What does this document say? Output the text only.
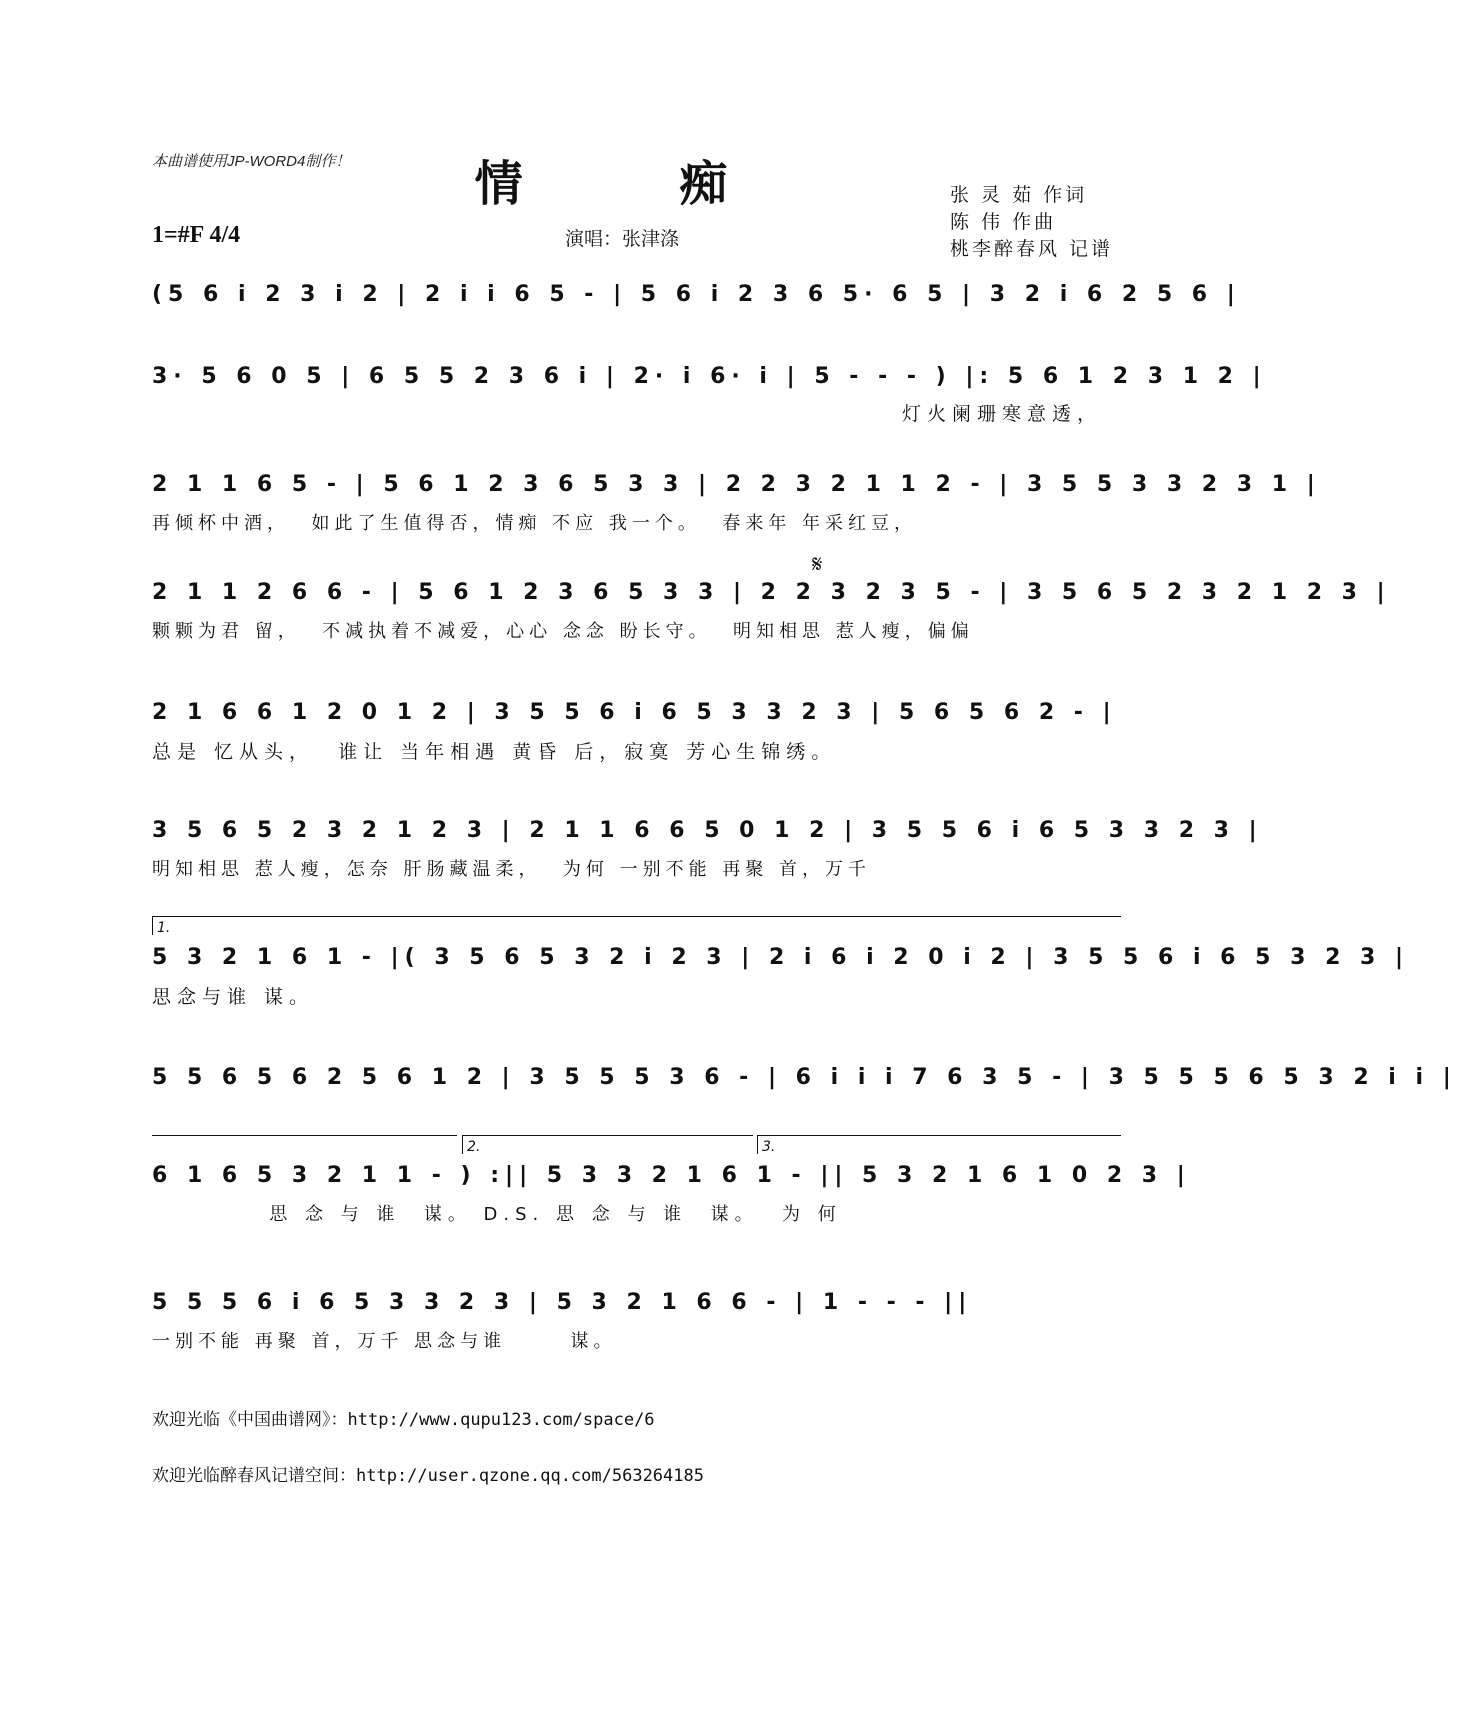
本曲谱使用JP-WORD4制作！	情 痴
1=#F 4/4	演唱：张津涤
张 灵 茹 作词
陈 伟 作曲
桃李醉春风 记谱
(5 6 i 2 3 i 2 | 2 i i 6 5 - | 5 6 i 2 3 6 5· 6 5 | 3 2 i 6 2 5 6 |
3· 5 6 0 5 | 6 5 5 2 3 6 i | 2· i 6· i | 5 - - - ) |: 5 6 1 2 3 1 2 |
灯火阑珊寒意透，
2 1 1 6 5 - | 5 6 1 2 3 6 5 3 3 | 2 2 3 2 1 1 2 - | 3 5 5 3 3 2 3 1 |
再倾杯中酒，  如此了生值得否，情痴 不应 我一个。  春来年 年采红豆，
𝄋
2 1 1 2 6 6 - | 5 6 1 2 3 6 5 3 3 | 2 2 3 2 3 5 - | 3 5 6 5 2 3 2 1 2 3 |
颗颗为君 留，  不减执着不减爱，心心 念念 盼长守。  明知相思 惹人瘦，偏偏
2 1 6 6 1 2 0 1 2 | 3 5 5 6 i 6 5 3 3 2 3 | 5 6 5 6 2 - |
总是 忆从头，  谁让 当年相遇 黄昏 后，寂寞 芳心生锦绣。
3 5 6 5 2 3 2 1 2 3 | 2 1 1 6 6 5 0 1 2 | 3 5 5 6 i 6 5 3 3 2 3 |
明知相思 惹人瘦，怎奈 肝肠藏温柔，  为何 一别不能 再聚 首，万千
1.
5 3 2 1 6 1 - |( 3 5 6 5 3 2 i 2 3 | 2 i 6 i 2 0 i 2 | 3 5 5 6 i 6 5 3 2 3 |
思念与谁 谋。
5 5 6 5 6 2 5 6 1 2 | 3 5 5 5 3 6 - | 6 i i i 7 6 3 5 - | 3 5 5 5 6 5 3 2 i i |
2.	3.
6 1 6 5 3 2 1 1 - ) :|| 5 3 3 2 1 6 1 - || 5 3 2 1 6 1 0 2 3 |
思 念 与 谁  谋。 D.S. 思 念 与 谁  谋。  为 何
5 5 5 6 i 6 5 3 3 2 3 | 5 3 2 1 6 6 - | 1 - - - ||
一别不能 再聚 首，万千 思念与谁      谋。
欢迎光临《中国曲谱网》：http://www.qupu123.com/space/6
欢迎光临醉春风记谱空间：http://user.qzone.qq.com/563264185
